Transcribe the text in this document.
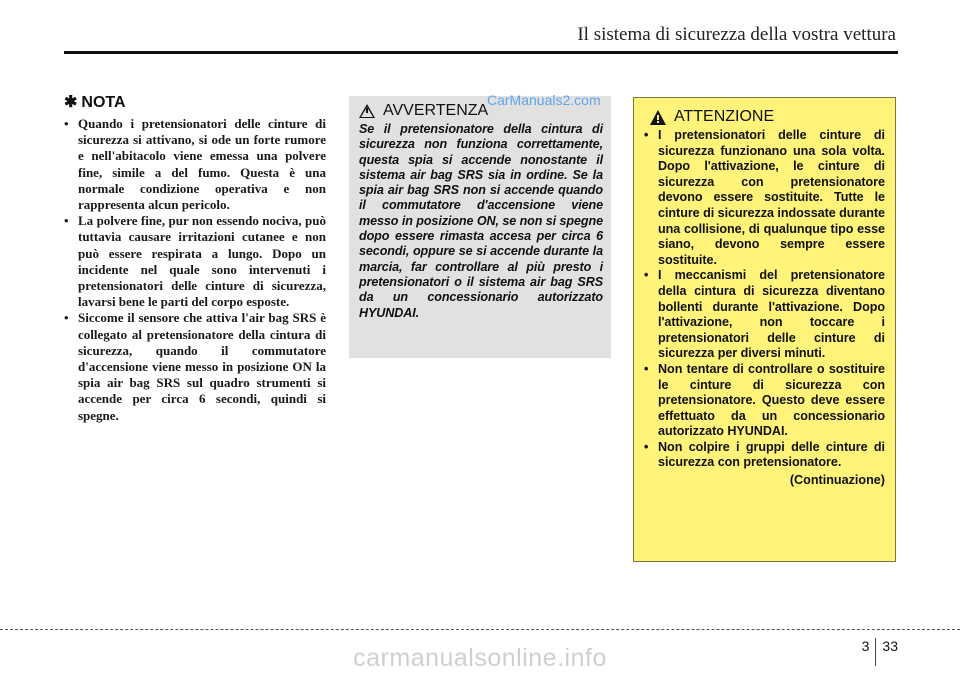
Il sistema di sicurezza della vostra vettura
✱ NOTA
• Quando i pretensionatori delle cinture di sicurezza si attivano, si ode un forte rumore e nell'abitacolo viene emessa una polvere fine, simile a del fumo. Questa è una normale condizione operativa e non rappresenta alcun pericolo.
• La polvere fine, pur non essendo nociva, può tuttavia causare irritazioni cutanee e non può essere respirata a lungo. Dopo un incidente nel quale sono intervenuti i pretensionatori delle cinture di sicurezza, lavarsi bene le parti del corpo esposte.
• Siccome il sensore che attiva l'air bag SRS è collegato al pretensionatore della cintura di sicurezza, quando il commutatore d'accensione viene messo in posizione ON la spia air bag SRS sul quadro strumenti si accende per circa 6 secondi, quindi si spegne.
AVVERTENZA

Se il pretensionatore della cintura di sicurezza non funziona correttamente, questa spia si accende nonostante il sistema air bag SRS sia in ordine. Se la spia air bag SRS non si accende quando il commutatore d'accensione viene messo in posizione ON, se non si spegne dopo essere rimasta accesa per circa 6 secondi, oppure se si accende durante la marcia, far controllare al più presto i pretensionatori o il sistema air bag SRS da un concessionario autorizzato HYUNDAI.

CarManuals2.com
ATTENZIONE
• I pretensionatori delle cinture di sicurezza funzionano una sola volta. Dopo l'attivazione, le cinture di sicurezza con pretensionatore devono essere sostituite. Tutte le cinture di sicurezza indossate durante una collisione, di qualunque tipo esse siano, devono sempre essere sostituite.
• I meccanismi del pretensionatore della cintura di sicurezza diventano bollenti durante l'attivazione. Dopo l'attivazione, non toccare i pretensionatori delle cinture di sicurezza per diversi minuti.
• Non tentare di controllare o sostituire le cinture di sicurezza con pretensionatore. Questo deve essere effettuato da un concessionario autorizzato HYUNDAI.
• Non colpire i gruppi delle cinture di sicurezza con pretensionatore.
(Continuazione)
3 33
carmanualsonline.info
